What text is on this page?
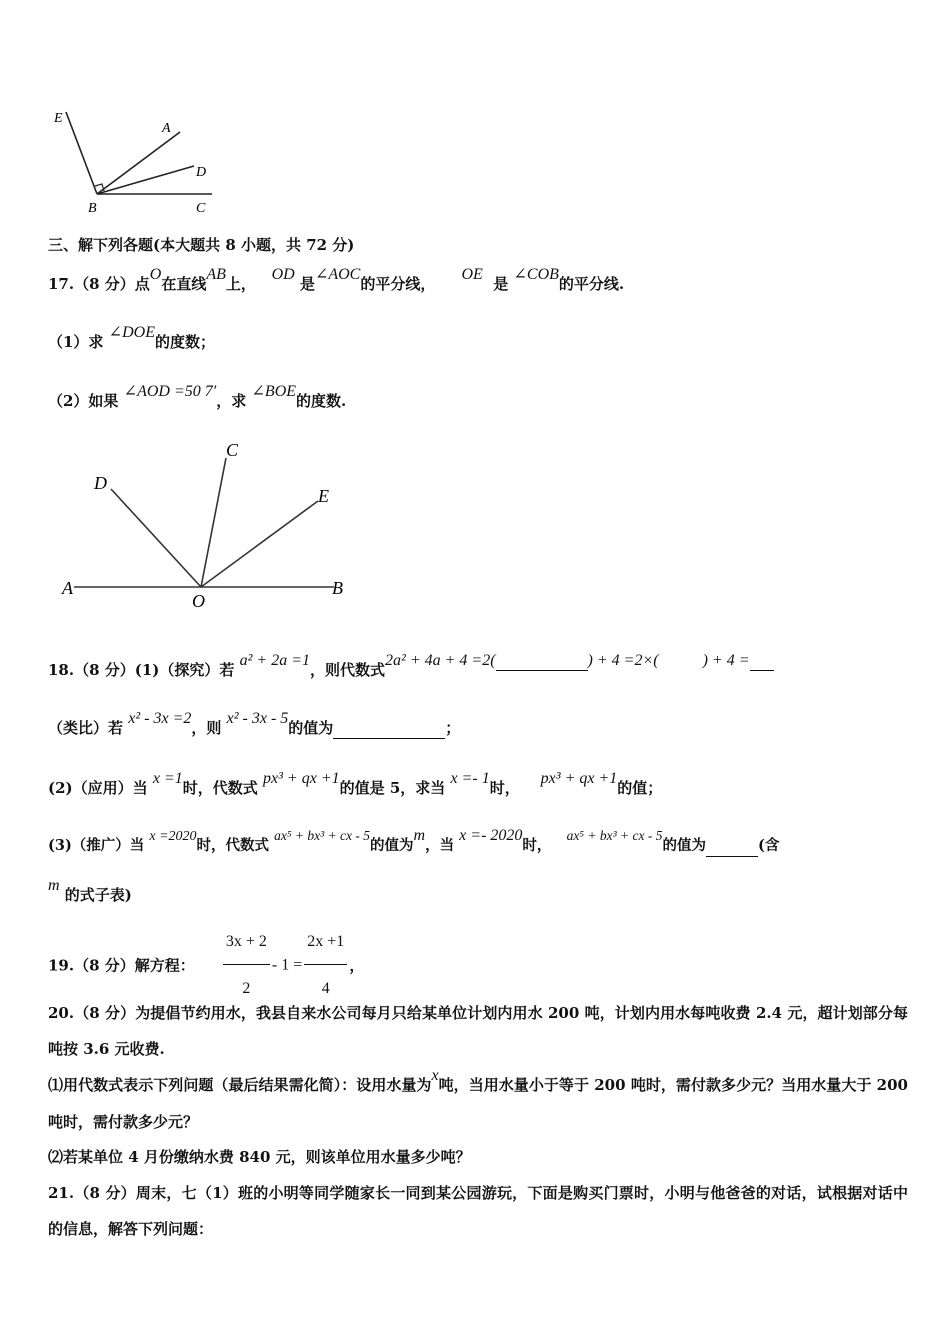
E
A
D
B	C
三、解下列各题(本大题共 8 小题，共 72 分)
17.（8 分）点O在直线AB上，   OD 是∠AOC的平分线，     OE  是 ∠COB的平分线.
（1）求 ∠DOE的度数；
（2）如果 ∠AOD =50 7′，求 ∠BOE的度数.
A
O
B
C
D
E
18.（8 分）(1)（探究）若 a² + 2a =1，则代数式2a² + 4a + 4 =2(	) + 4 =2×(	) + 4 =
（类比）若 x² - 3x =2，则 x² - 3x - 5的值为	；
(2)（应用）当 x =1时，代数式 px³ + qx +1的值是 5，求当 x =- 1时，    px³ + qx +1的值；
(3)（推广）当 x =2020时，代数式 ax⁵ + bx³ + cx - 5的值为m，当 x =- 2020时，   ax⁵ + bx³ + cx - 5的值为	(含
m 的式子表)
19.（8 分）解方程： $\frac{3x + 2}{2} - 1 = \frac{2x +1}{4}$ ，
20.（8 分）为提倡节约用水，我县自来水公司每月只给某单位计划内用水 200 吨，计划内用水每吨收费 2.4 元，超计划部分每吨按 3.6 元收费.
⑴用代数式表示下列问题（最后结果需化简）：设用水量为x吨，当用水量小于等于 200 吨时，需付款多少元？当用水量大于 200 吨时，需付款多少元？
⑵若某单位 4 月份缴纳水费 840 元，则该单位用水量多少吨？
21.（8 分）周末，七（1）班的小明等同学随家长一同到某公园游玩，下面是购买门票时，小明与他爸爸的对话，试根据对话中的信息，解答下列问题：
